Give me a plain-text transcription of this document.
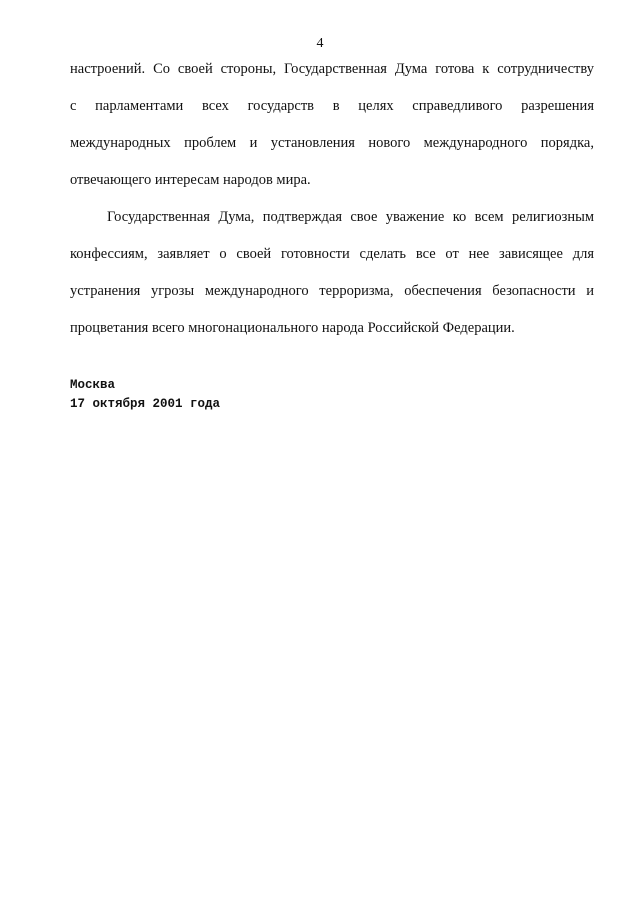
4
настроений. Со своей стороны, Государственная Дума готова к сотрудничеству
с парламентами всех государств в целях справедливого разрешения
международных проблем и установления нового международного порядка,
отвечающего интересам народов мира.
Государственная Дума, подтверждая свое уважение ко всем религиозным
конфессиям, заявляет о своей готовности сделать все от нее зависящее для
устранения угрозы международного терроризма, обеспечения безопасности и
процветания всего многонационального народа Российской Федерации.
Москва
17 октября 2001 года
